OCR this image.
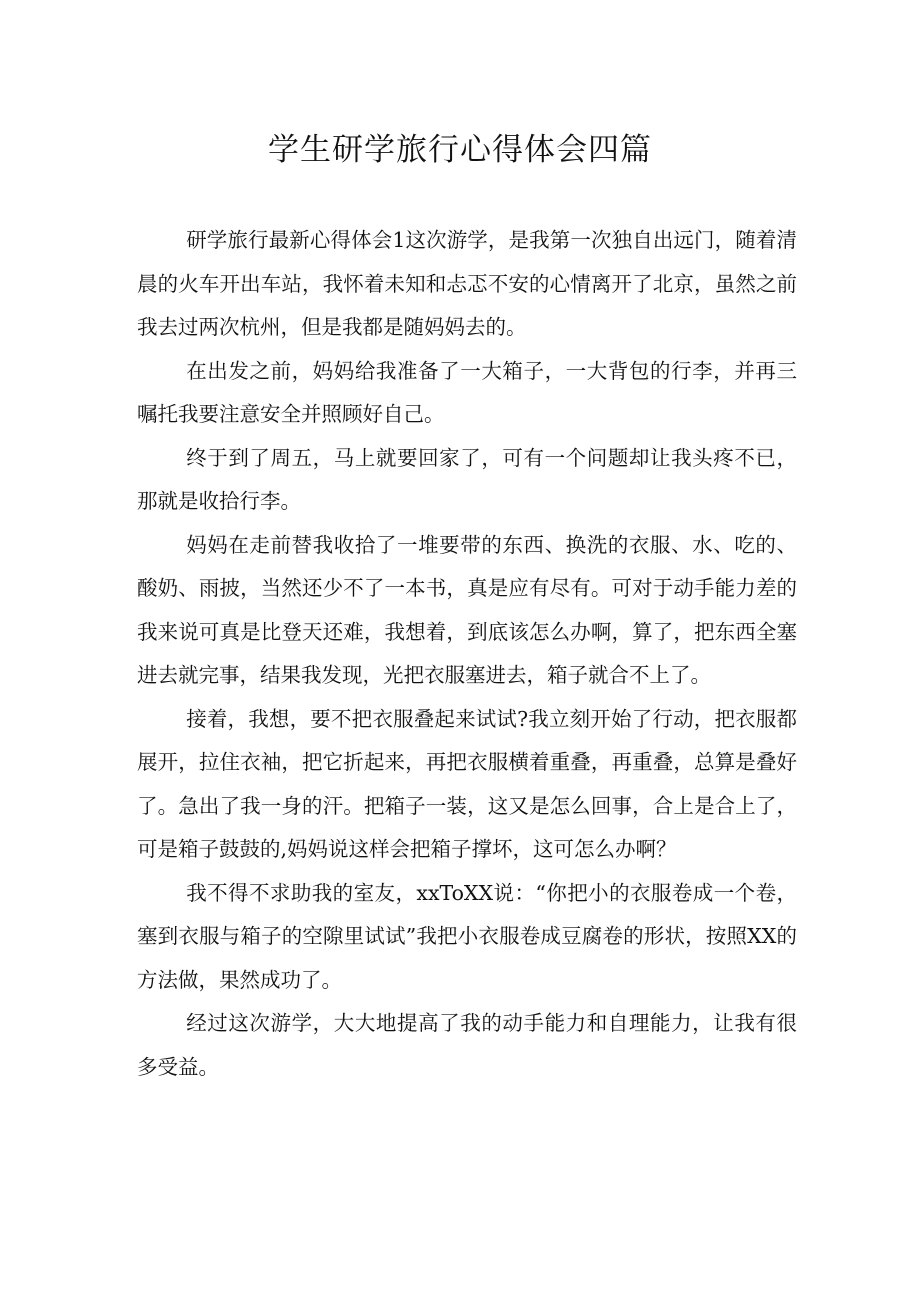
学生研学旅行心得体会四篇

研学旅行最新心得体会1这次游学，是我第一次独自出远门，随着清晨的火车开出车站，我怀着未知和忐忑不安的心情离开了北京，虽然之前我去过两次杭州，但是我都是随妈妈去的。

在出发之前，妈妈给我准备了一大箱子，一大背包的行李，并再三嘱托我要注意安全并照顾好自己。

终于到了周五，马上就要回家了，可有一个问题却让我头疼不已，那就是收拾行李。

妈妈在走前替我收拾了一堆要带的东西、换洗的衣服、水、吃的、酸奶、雨披，当然还少不了一本书，真是应有尽有。可对于动手能力差的我来说可真是比登天还难，我想着，到底该怎么办啊，算了，把东西全塞进去就完事，结果我发现，光把衣服塞进去，箱子就合不上了。

接着，我想，要不把衣服叠起来试试?我立刻开始了行动，把衣服都展开，拉住衣袖，把它折起来，再把衣服横着重叠，再重叠，总算是叠好了。急出了我一身的汗。把箱子一装，这又是怎么回事，合上是合上了，可是箱子鼓鼓的,妈妈说这样会把箱子撑坏，这可怎么办啊？

我不得不求助我的室友，xxToXX说：“你把小的衣服卷成一个卷，塞到衣服与箱子的空隙里试试”我把小衣服卷成豆腐卷的形状，按照XX的方法做，果然成功了。

经过这次游学，大大地提高了我的动手能力和自理能力，让我有很多受益。
